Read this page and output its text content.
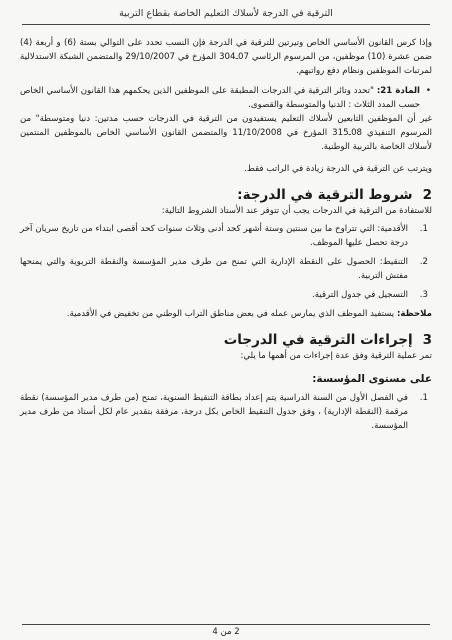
الترقية في الدرجة لأسلاك التعليم الخاصة بقطاع التربية

وإذا كرس القانون الأساسي الخاص وتيرتين للترقية في الدرجة فإن النسب تحدد على التوالي بستة (6) و أربعة (4) ضمن عشرة (10) موظفين، من المرسوم الرئاسي 07ـ304 المؤرخ في 29/10/2007 والمتضمن الشبكة الاستدلالية لمرتبات الموظفين ونظام دفع رواتبهم.

•
المادة 21: "تحدد وتائر الترقية في الدرجات المطبقة على الموظفين الذين يحكمهم هذا القانون الأساسي الخاص حسب المدد الثلاث : الدنيا والمتوسطة والقصوى.

غير أن الموظفين التابعين لأسلاك التعليم يستفيدون من الترقية في الدرجات حسب مدتين: دنيا ومتوسطة" من المرسوم التنفيذي 08ـ315 المؤرخ في 11/10/2008 والمتضمن القانون الأساسي الخاص بالموظفين المنتمين لأسلاك الخاصة بالتربية الوطنية.

ويترتب عن الترقية في الدرجة زيادة في الراتب فقط.

2شروط الترقية في الدرجة:

للاستفادة من الترقية في الدرجات يجب أن تتوفر عند الأستاذ الشروط التالية:

1.
الأقدمية: التي تتراوح ما بين سنتين وستة أشهر كحد أدنى وثلاث سنوات كحد أقصى ابتداء من تاريخ سريان آخر درجة تحصل عليها الموظف.
2.
التنقيط: الحصول على النقطة الإدارية التي تمنح من طرف مدير المؤسسة والنقطة التربوية والتي يمنحها مفتش التربية.
3.
التسجيل في جدول الترقية.

ملاحظة: يستفيد الموظف الذي يمارس عمله في بعض مناطق التراب الوطني من تخفيض في الأقدمية.

3إجراءات الترقية في الدرجات

تمر عملية الترقية وفق عدة إجراءات من أهمها ما يلي:

على مستوى المؤسسة:
1.
في الفصل الأول من السنة الدراسية يتم إعداد بطاقة التنقيط السنوية، تمنح (من طرف مدير المؤسسة) نقطة مرقمة (النقطة الإدارية) ، وفق جدول التنقيط الخاص بكل درجة، مرفقة بتقدير عام لكل أستاذ من طرف مدير المؤسسة.
2 من 4
